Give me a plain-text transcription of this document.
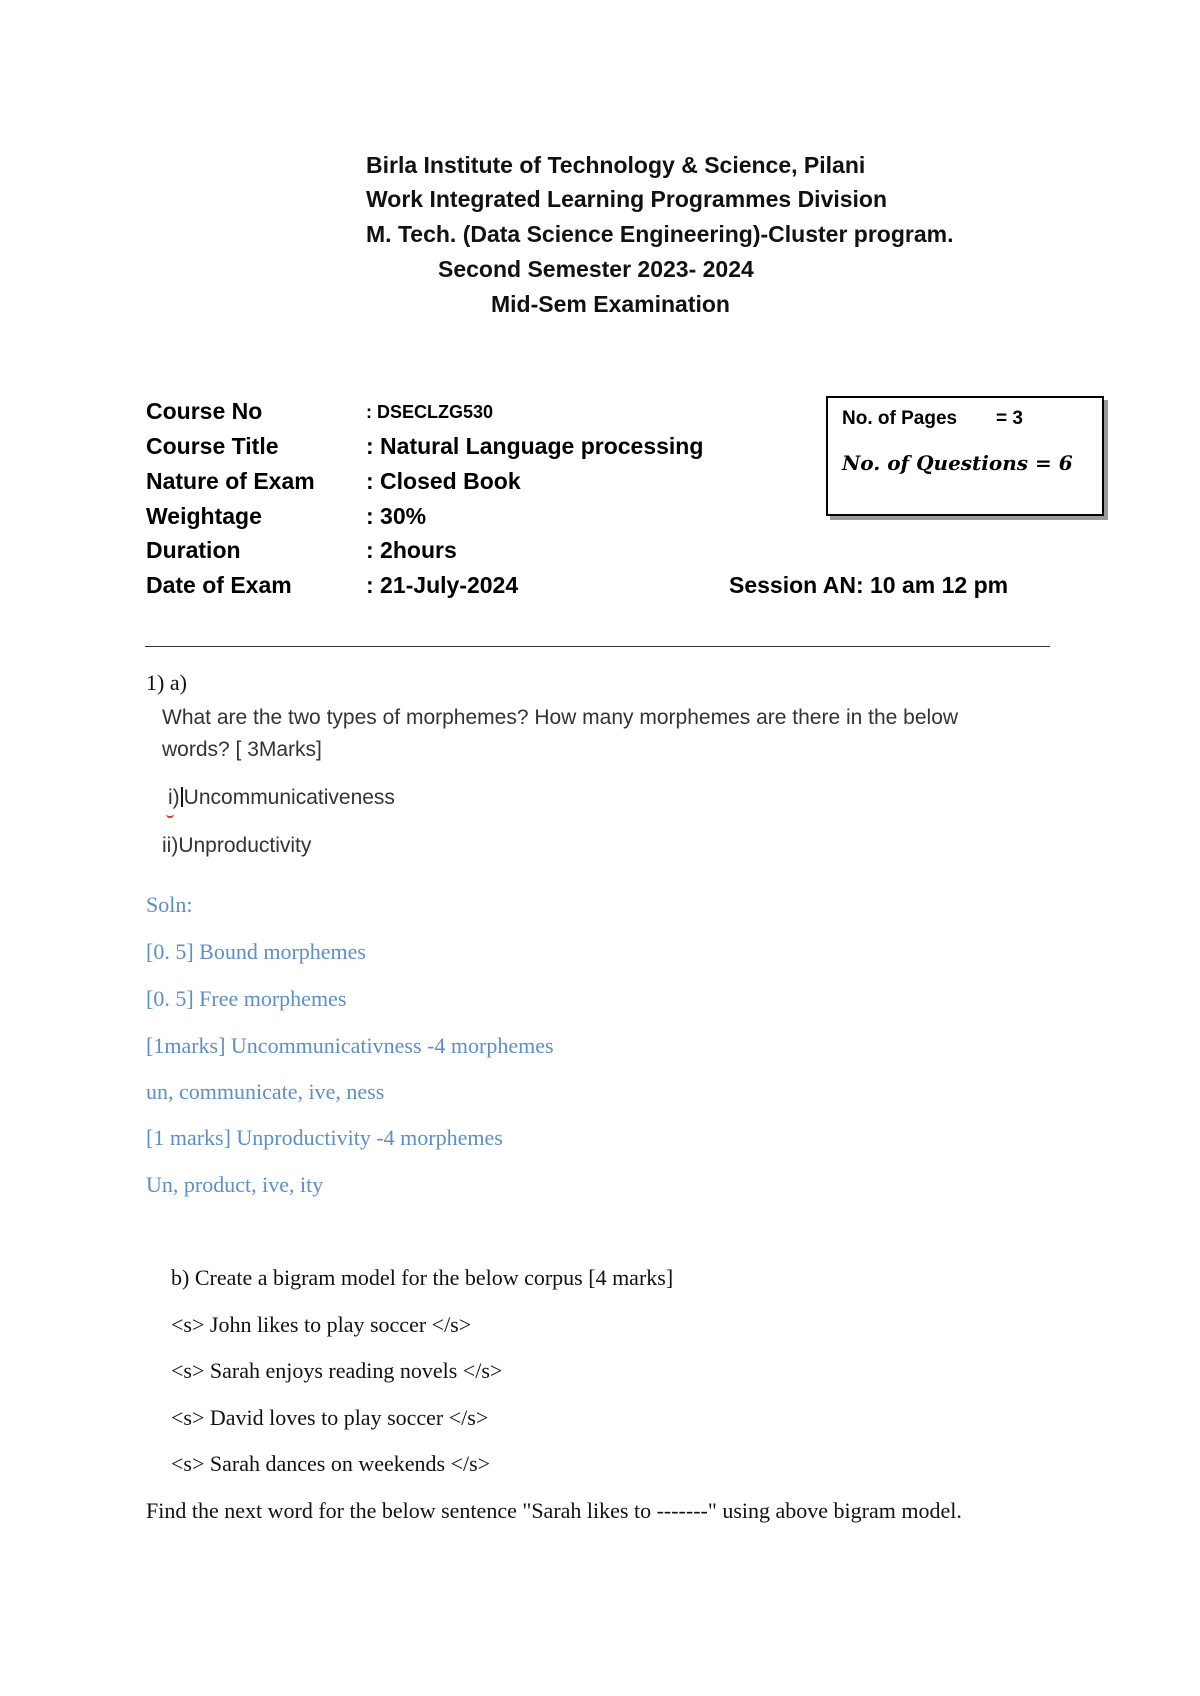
Birla Institute of Technology & Science, Pilani
Work Integrated Learning Programmes Division
M. Tech. (Data Science Engineering)-Cluster program.
Second Semester 2023- 2024
Mid-Sem Examination
Course No	: DSECLZG530
Course Title	: Natural Language processing
Nature of Exam : Closed Book
Weightage	: 30%
Duration	: 2hours
Date of Exam	: 21-July-2024	Session AN: 10 am 12 pm
No. of Pages = 3
No. of Questions = 6
1) a)
What are the two types of morphemes? How many morphemes are there in the below
words? [ 3Marks]
i) Uncommunicativeness
ii)Unproductivity
Soln:
[0. 5] Bound morphemes
[0. 5] Free morphemes
[1marks] Uncommunicativness -4 morphemes
un, communicate, ive, ness
[1 marks] Unproductivity -4 morphemes
Un, product, ive, ity
b) Create a bigram model for the below corpus [4 marks]
<s> John likes to play soccer </s>
<s> Sarah enjoys reading novels </s>
<s> David loves to play soccer </s>
<s> Sarah dances on weekends </s>
Find the next word for the below sentence "Sarah likes to -------" using above bigram model.
